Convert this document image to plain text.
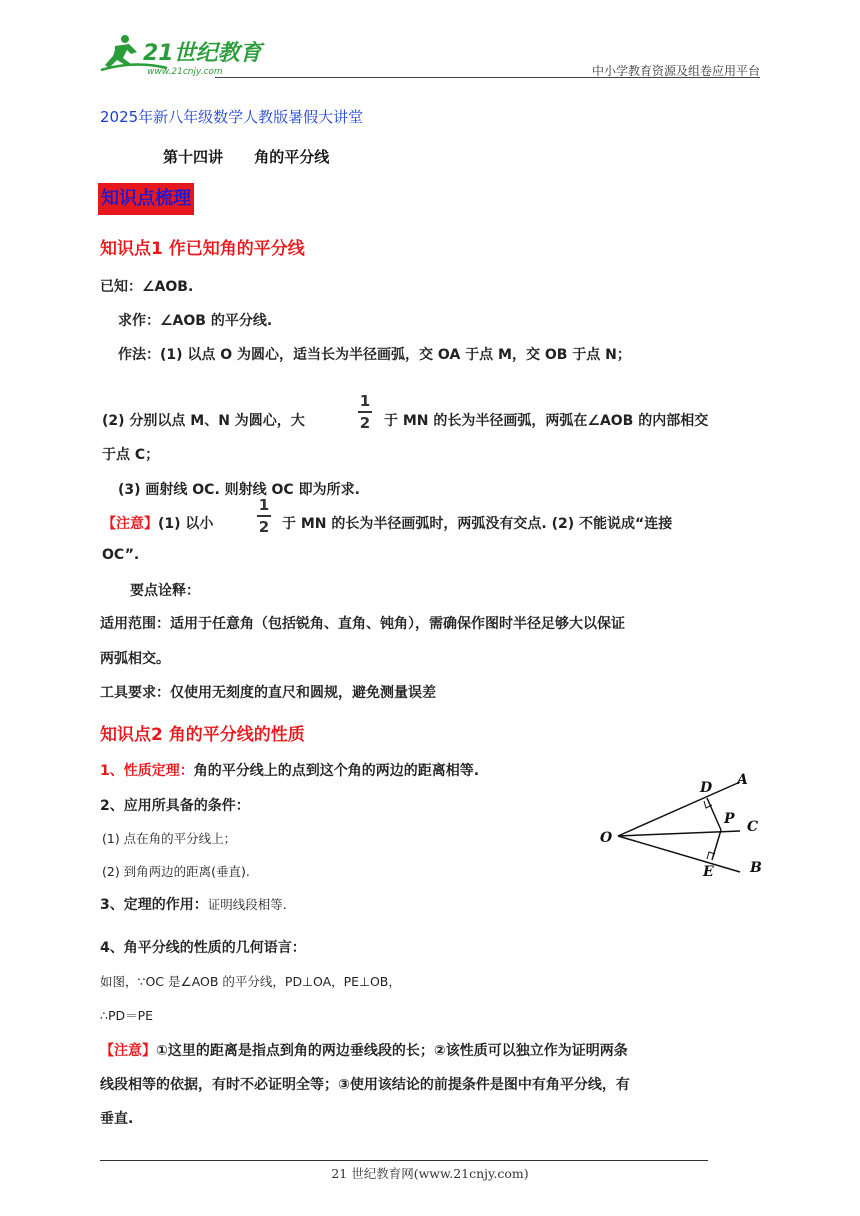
21世纪教育
www.21cnjy.com	中小学教育资源及组卷应用平台
2025年新八年级数学人教版暑假大讲堂
第十四讲 角的平分线
知识点梳理
知识点1 作已知角的平分线
已知：∠AOB.
求作：∠AOB 的平分线.
作法：(1) 以点 O 为圆心，适当长为半径画弧，交 OA 于点 M，交 OB 于点 N；
(2) 分别以点 M、N 为圆心，大
1
2 于 MN 的长为半径画弧，两弧在∠AOB 的内部相交
于点 C；
(3) 画射线 OC. 则射线 OC 即为所求.
【注意】(1) 以小
1
2 于 MN 的长为半径画弧时，两弧没有交点. (2) 不能说成“连接
OC”.
要点诠释：
适用范围：适用于任意角（包括锐角、直角、钝角），需确保作图时半径足够大以保证
两弧相交。
工具要求：仅使用无刻度的直尺和圆规，避免测量误差
知识点2 角的平分线的性质
1、性质定理：角的平分线上的点到这个角的两边的距离相等.
2、应用所具备的条件：
(1) 点在角的平分线上；
(2) 到角两边的距离(垂直).
3、定理的作用：证明线段相等.
4、角平分线的性质的几何语言：
如图，∵OC 是∠AOB 的平分线，PD⊥OA，PE⊥OB，
∴PD＝PE
【注意】①这里的距离是指点到角的两边垂线段的长；②该性质可以独立作为证明两条
线段相等的依据，有时不必证明全等；③使用该结论的前提条件是图中有角平分线，有
垂直.
O
A
C
B
D
P
E
21 世纪教育网(www.21cnjy.com)
